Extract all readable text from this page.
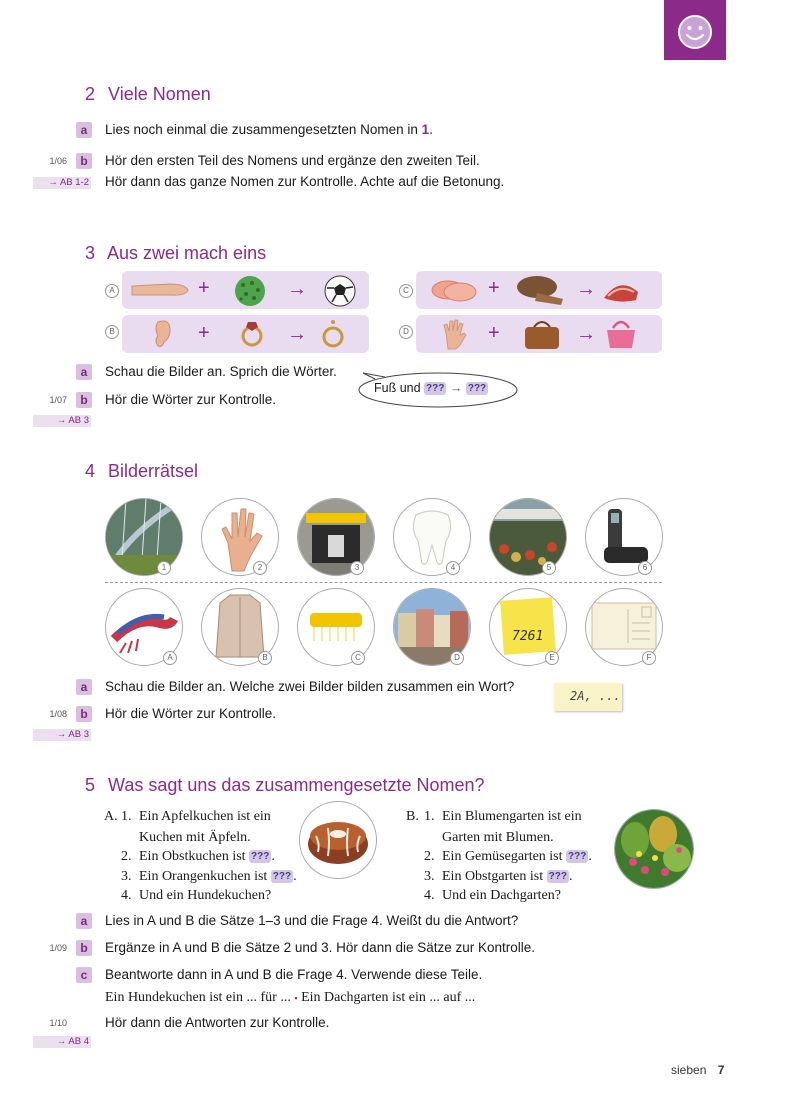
2 Viele Nomen
a	Lies noch einmal die zusammengesetzten Nomen in 1.
1/06	b	Hör den ersten Teil des Nomens und ergänze den zweiten Teil.
Hör dann das ganze Nomen zur Kontrolle. Achte auf die Betonung.
→ AB 1-2
3 Aus zwei mach eins
A	+	→	C	+	→
B	+	→	D	+	→
a	Schau die Bilder an. Sprich die Wörter.
Fuß und ??? → ???
1/07	b	Hör die Wörter zur Kontrolle.
→ AB 3
4 Bilderrätsel
1	2	3	4	5	6
A	B	C	D
7261
E	F
a	Schau die Bilder an. Welche zwei Bilder bilden zusammen ein Wort?
2A, ...
1/08	b	Hör die Wörter zur Kontrolle.
→ AB 3
5 Was sagt uns das zusammengesetzte Nomen?
A. 1. Ein Apfelkuchen ist ein
Kuchen mit Äpfeln.
2. Ein Obstkuchen ist ??? .
3. Ein Orangenkuchen ist ??? .
4. Und ein Hundekuchen?
B. 1. Ein Blumengarten ist ein
Garten mit Blumen.
2. Ein Gemüsegarten ist ??? .
3. Ein Obstgarten ist ??? .
4. Und ein Dachgarten?
a	Lies in A und B die Sätze 1–3 und die Frage 4. Weißt du die Antwort?
1/09	b	Ergänze in A und B die Sätze 2 und 3. Hör dann die Sätze zur Kontrolle.
c	Beantworte dann in A und B die Frage 4. Verwende diese Teile.
Ein Hundekuchen ist ein ... für ... ▪ Ein Dachgarten ist ein ... auf ...
1/10	Hör dann die Antworten zur Kontrolle.
→ AB 4
sieben 7
